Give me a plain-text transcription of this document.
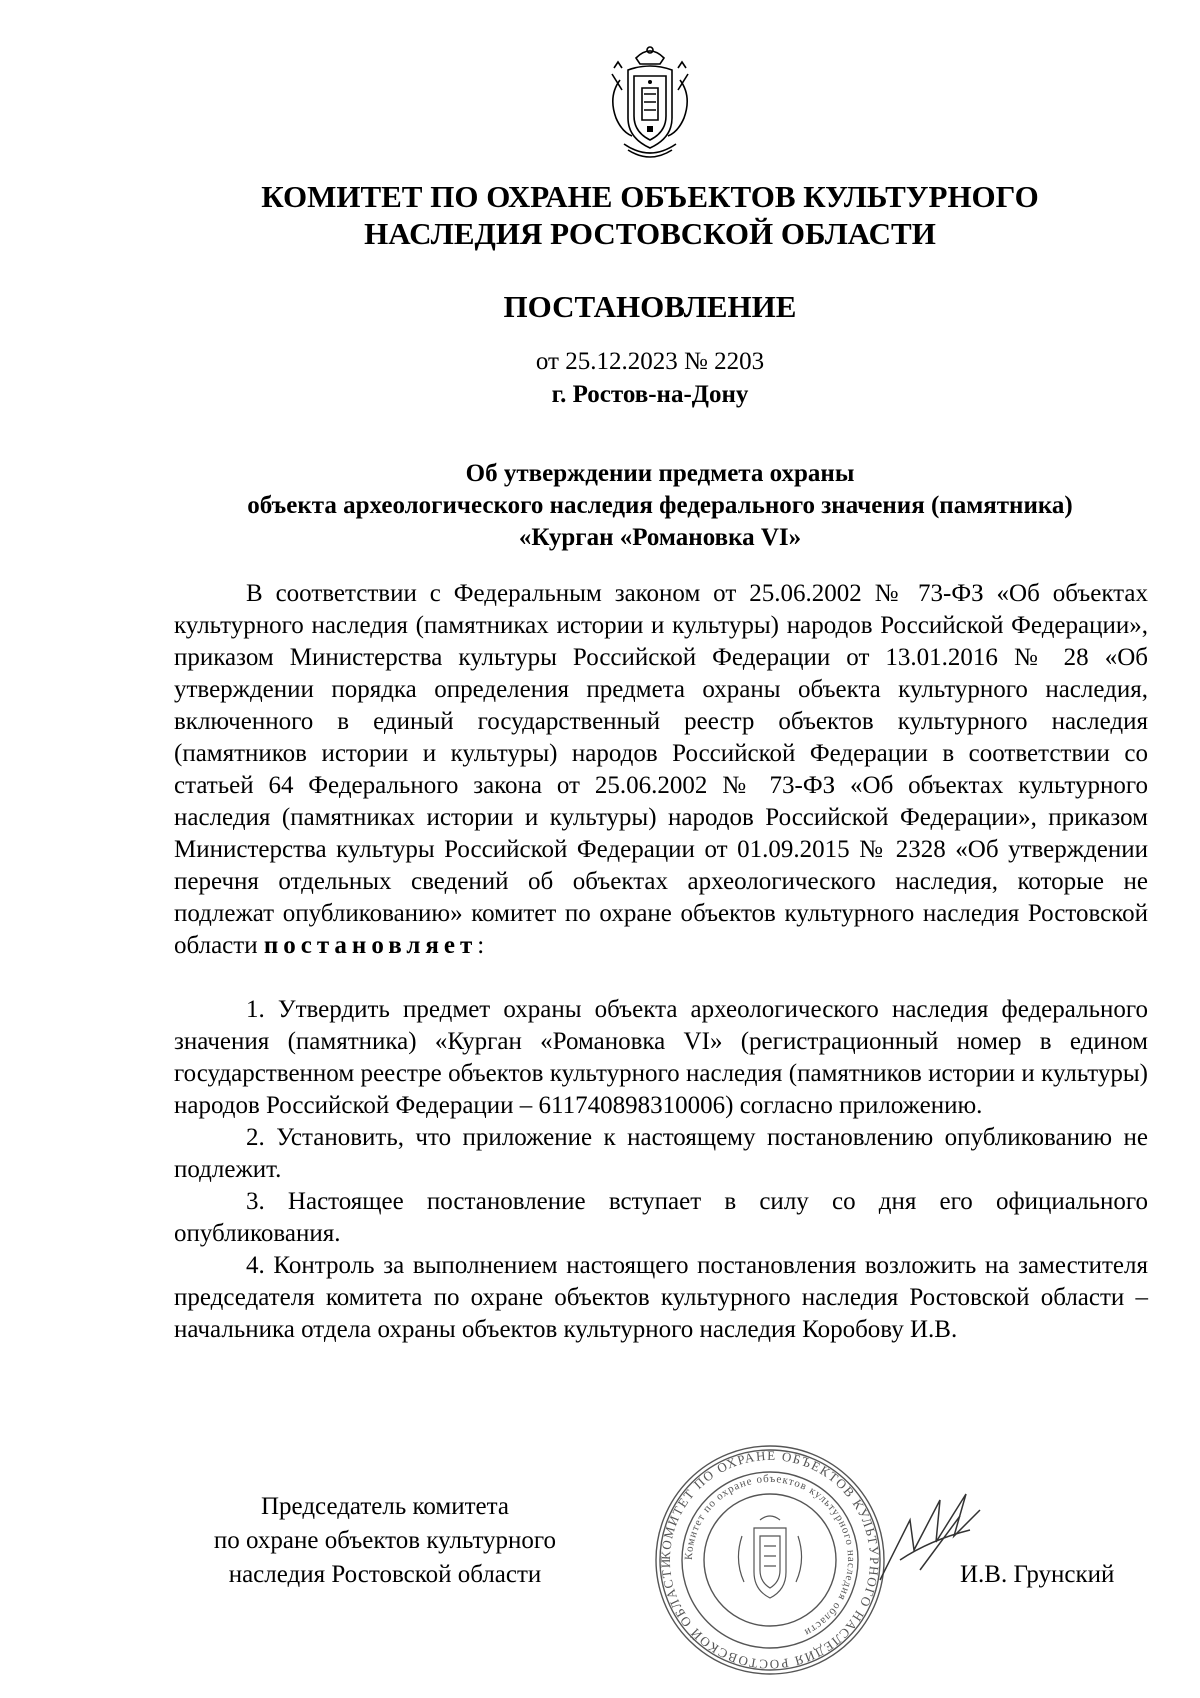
КОМИТЕТ ПО ОХРАНЕ ОБЪЕКТОВ КУЛЬТУРНОГО
НАСЛЕДИЯ РОСТОВСКОЙ ОБЛАСТИ
ПОСТАНОВЛЕНИЕ
от 25.12.2023 № 2203
г. Ростов-на-Дону
Об утверждении предмета охраны
объекта археологического наследия федерального значения (памятника)
«Курган «Романовка VI»

В соответствии с Федеральным законом от 25.06.2002 № 73-ФЗ «Об объектах культурного наследия (памятниках истории и культуры) народов Российской Федерации», приказом Министерства культуры Российской Федерации от 13.01.2016 № 28 «Об утверждении порядка определения предмета охраны объекта культурного наследия, включенного в единый государственный реестр объектов культурного наследия (памятников истории и культуры) народов Российской Федерации в соответствии со статьей 64 Федерального закона от 25.06.2002 № 73-ФЗ «Об объектах культурного наследия (памятниках истории и культуры) народов Российской Федерации», приказом Министерства культуры Российской Федерации от 01.09.2015 № 2328 «Об утверждении перечня отдельных сведений об объектах археологического наследия, которые не подлежат опубликованию» комитет по охране объектов культурного наследия Ростовской области постановляет:

1. Утвердить предмет охраны объекта археологического наследия федерального значения (памятника) «Курган «Романовка VI» (регистрационный номер в едином государственном реестре объектов культурного наследия (памятников истории и культуры) народов Российской Федерации – 611740898310006) согласно приложению.

2. Установить, что приложение к настоящему постановлению опубликованию не подлежит.

3. Настоящее постановление вступает в силу со дня его официального опубликования.

4. Контроль за выполнением настоящего постановления возложить на заместителя председателя комитета по охране объектов культурного наследия Ростовской области – начальника отдела охраны объектов культурного наследия Коробову И.В.

Председатель комитета
по охране объектов культурного
наследия Ростовской области
КОМИТЕТ ПО ОХРАНЕ ОБЪЕКТОВ КУЛЬТУРНОГО НАСЛЕДИЯ РОСТОВСКОЙ ОБЛАСТИ
Комитет по охране объектов культурного наследия области
И.В. Грунский
